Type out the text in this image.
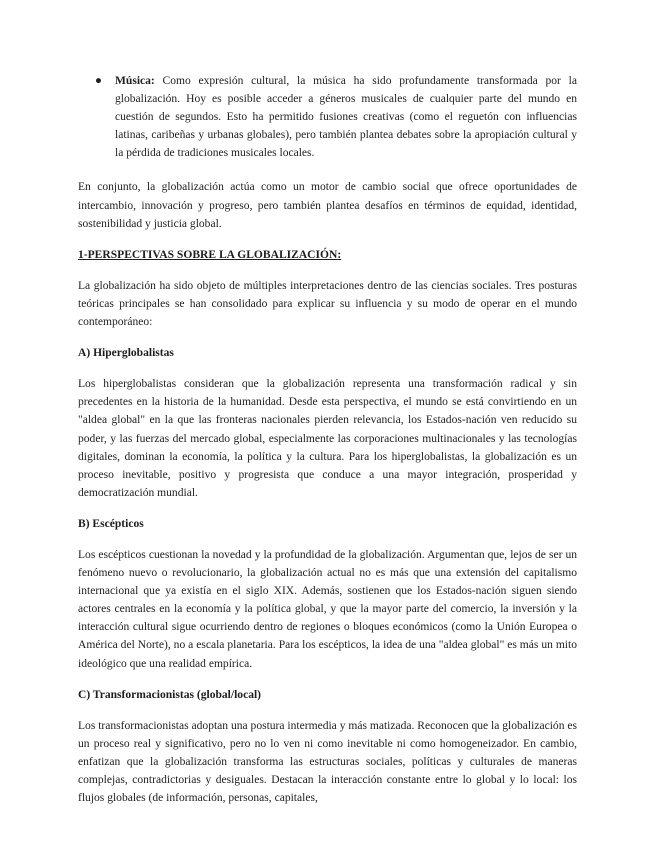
● Música: Como expresión cultural, la música ha sido profundamente transformada por la globalización. Hoy es posible acceder a géneros musicales de cualquier parte del mundo en cuestión de segundos. Esto ha permitido fusiones creativas (como el reguetón con influencias latinas, caribeñas y urbanas globales), pero también plantea debates sobre la apropiación cultural y la pérdida de tradiciones musicales locales.

En conjunto, la globalización actúa como un motor de cambio social que ofrece oportunidades de intercambio, innovación y progreso, pero también plantea desafíos en términos de equidad, identidad, sostenibilidad y justicia global.

1-PERSPECTIVAS SOBRE LA GLOBALIZACIÓN:

La globalización ha sido objeto de múltiples interpretaciones dentro de las ciencias sociales. Tres posturas teóricas principales se han consolidado para explicar su influencia y su modo de operar en el mundo contemporáneo:

A) Hiperglobalistas

Los hiperglobalistas consideran que la globalización representa una transformación radical y sin precedentes en la historia de la humanidad. Desde esta perspectiva, el mundo se está convirtiendo en un "aldea global" en la que las fronteras nacionales pierden relevancia, los Estados-nación ven reducido su poder, y las fuerzas del mercado global, especialmente las corporaciones multinacionales y las tecnologías digitales, dominan la economía, la política y la cultura. Para los hiperglobalistas, la globalización es un proceso inevitable, positivo y progresista que conduce a una mayor integración, prosperidad y democratización mundial.

B) Escépticos

Los escépticos cuestionan la novedad y la profundidad de la globalización. Argumentan que, lejos de ser un fenómeno nuevo o revolucionario, la globalización actual no es más que una extensión del capitalismo internacional que ya existía en el siglo XIX. Además, sostienen que los Estados-nación siguen siendo actores centrales en la economía y la política global, y que la mayor parte del comercio, la inversión y la interacción cultural sigue ocurriendo dentro de regiones o bloques económicos (como la Unión Europea o América del Norte), no a escala planetaria. Para los escépticos, la idea de una "aldea global" es más un mito ideológico que una realidad empírica.

C) Transformacionistas (global/local)

Los transformacionistas adoptan una postura intermedia y más matizada. Reconocen que la globalización es un proceso real y significativo, pero no lo ven ni como inevitable ni como homogeneizador. En cambio, enfatizan que la globalización transforma las estructuras sociales, políticas y culturales de maneras complejas, contradictorias y desiguales. Destacan la interacción constante entre lo global y lo local: los flujos globales (de información, personas, capitales,
